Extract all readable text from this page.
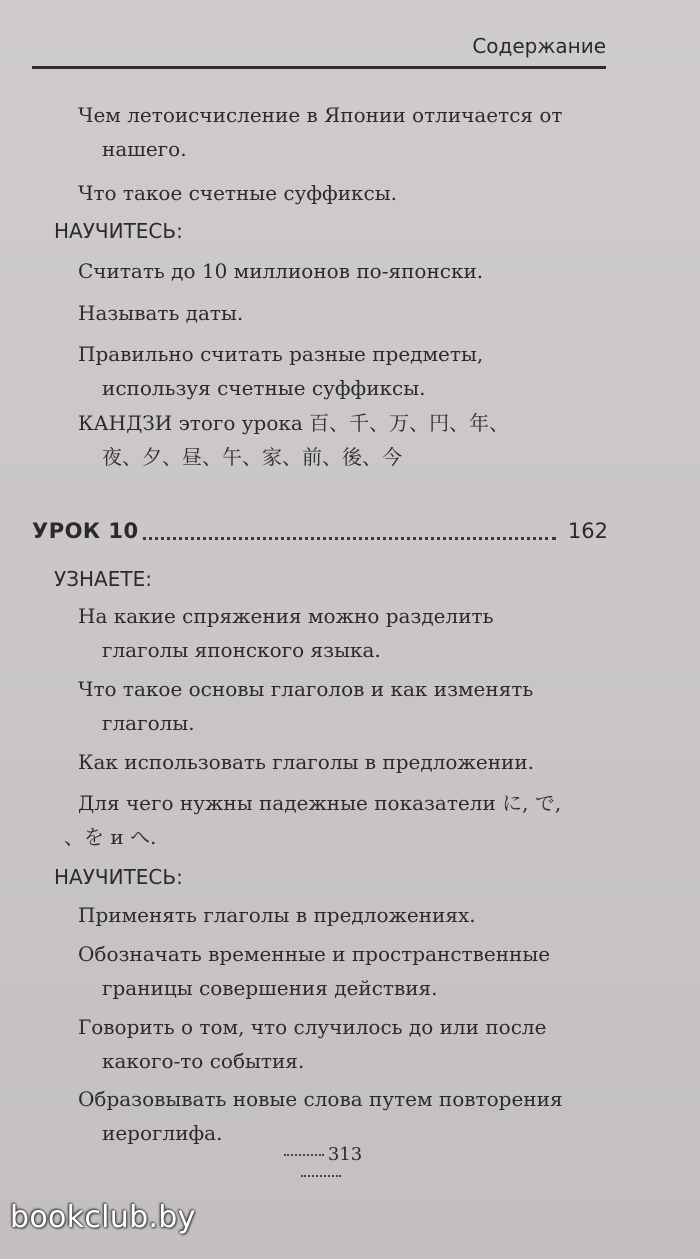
Содержание
Чем летоисчисление в Японии отличается от
нашего.
Что такое счетные суффиксы.
НАУЧИТЕСЬ:
Считать до 10 миллионов по-японски.
Называть даты.
Правильно считать разные предметы,
используя счетные суффиксы.
КАНДЗИ этого урока 百、千、万、円、年、
夜、夕、昼、午、家、前、後、今
УРОК 10	162
УЗНАЕТЕ:
На какие спряжения можно разделить
глаголы японского языка.
Что такое основы глаголов и как изменять
глаголы.
Как использовать глаголы в предложении.
Для чего нужны падежные показатели に, で,
、を и へ.
НАУЧИТЕСЬ:
Применять глаголы в предложениях.
Обозначать временные и пространственные
границы совершения действия.
Говорить о том, что случилось до или после
какого-то события.
Образовывать новые слова путем повторения
иероглифа.
313
bookclub.by
